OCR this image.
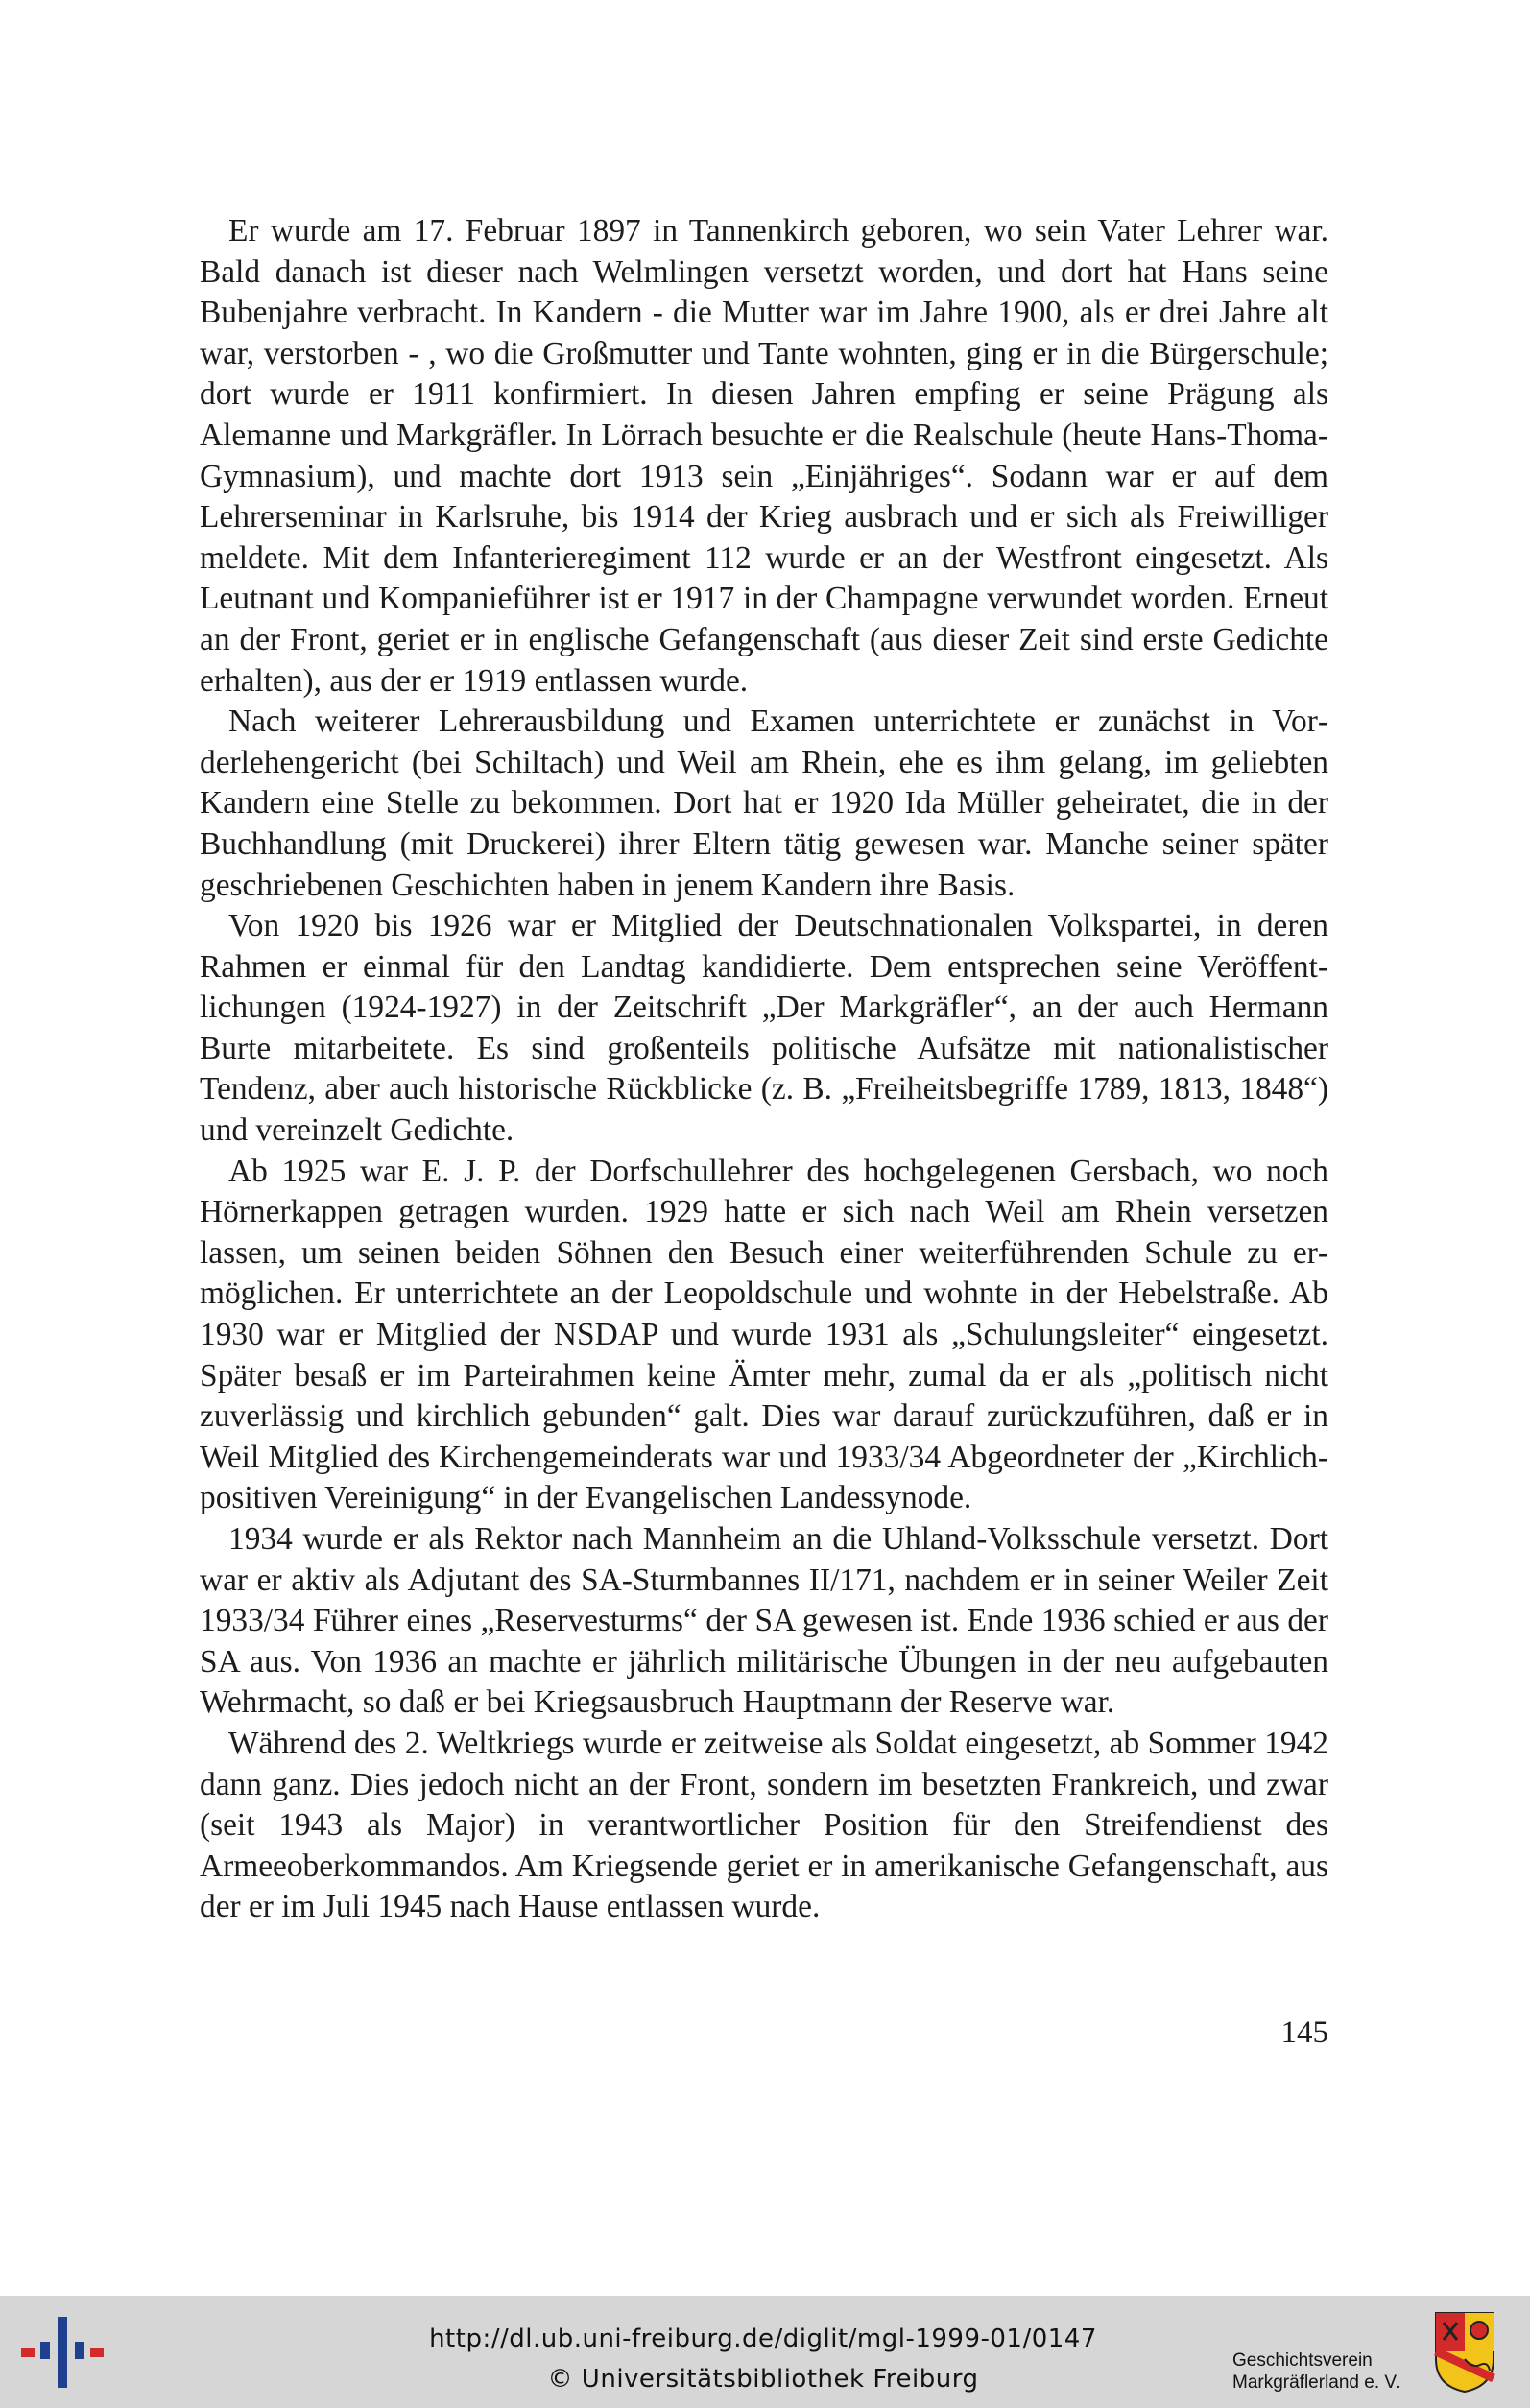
Er wurde am 17. Februar 1897 in Tannenkirch geboren, wo sein Vater Lehrer war. Bald danach ist dieser nach Welmlingen versetzt worden, und dort hat Hans seine Bubenjahre verbracht. In Kandern - die Mutter war im Jahre 1900, als er drei Jahre alt war, verstorben - , wo die Großmutter und Tante wohnten, ging er in die Bürgerschule; dort wurde er 1911 konfirmiert. In diesen Jahren empfing er seine Prägung als Alemanne und Markgräfler. In Lörrach besuchte er die Realschule (heute Hans-Thoma-Gymnasium), und machte dort 1913 sein „Einjähriges“. Sodann war er auf dem Lehrerseminar in Karlsruhe, bis 1914 der Krieg ausbrach und er sich als Freiwilliger meldete. Mit dem Infanterieregiment 112 wurde er an der Westfront eingesetzt. Als Leutnant und Kompanieführer ist er 1917 in der Champagne verwundet worden. Erneut an der Front, geriet er in englische Gefangenschaft (aus dieser Zeit sind erste Gedichte erhalten), aus der er 1919 entlassen wurde.

Nach weiterer Lehrerausbildung und Examen unterrichtete er zunächst in Vorderlehengericht (bei Schiltach) und Weil am Rhein, ehe es ihm gelang, im geliebten Kandern eine Stelle zu bekommen. Dort hat er 1920 Ida Müller geheiratet, die in der Buchhandlung (mit Druckerei) ihrer Eltern tätig gewesen war. Manche seiner später geschriebenen Geschichten haben in jenem Kandern ihre Basis.

Von 1920 bis 1926 war er Mitglied der Deutschnationalen Volkspartei, in deren Rahmen er einmal für den Landtag kandidierte. Dem entsprechen seine Veröffentlichungen (1924-1927) in der Zeitschrift „Der Markgräfler“, an der auch Hermann Burte mitarbeitete. Es sind großenteils politische Aufsätze mit nationalistischer Tendenz, aber auch historische Rückblicke (z. B. „Freiheitsbegriffe 1789, 1813, 1848“) und vereinzelt Gedichte.

Ab 1925 war E. J. P. der Dorfschullehrer des hochgelegenen Gersbach, wo noch Hörnerkappen getragen wurden. 1929 hatte er sich nach Weil am Rhein versetzen lassen, um seinen beiden Söhnen den Besuch einer weiterführenden Schule zu ermöglichen. Er unterrichtete an der Leopoldschule und wohnte in der Hebelstraße. Ab 1930 war er Mitglied der NSDAP und wurde 1931 als „Schulungsleiter“ eingesetzt. Später besaß er im Parteirahmen keine Ämter mehr, zumal da er als „politisch nicht zuverlässig und kirchlich gebunden“ galt. Dies war darauf zurückzuführen, daß er in Weil Mitglied des Kirchengemeinderats war und 1933/34 Abgeordneter der „Kirchlich-positiven Vereinigung“ in der Evangelischen Landessynode.

1934 wurde er als Rektor nach Mannheim an die Uhland-Volksschule versetzt. Dort war er aktiv als Adjutant des SA-Sturmbannes II/171, nachdem er in seiner Weiler Zeit 1933/34 Führer eines „Reservesturms“ der SA gewesen ist. Ende 1936 schied er aus der SA aus. Von 1936 an machte er jährlich militärische Übungen in der neu aufgebauten Wehrmacht, so daß er bei Kriegsausbruch Hauptmann der Reserve war.

Während des 2. Weltkriegs wurde er zeitweise als Soldat eingesetzt, ab Sommer 1942 dann ganz. Dies jedoch nicht an der Front, sondern im besetzten Frankreich, und zwar (seit 1943 als Major) in verantwortlicher Position für den Streifendienst des Armeeoberkommandos. Am Kriegsende geriet er in amerikanische Gefangenschaft, aus der er im Juli 1945 nach Hause entlassen wurde.

145
http://dl.ub.uni-freiburg.de/diglit/mgl-1999-01/0147
© Universitätsbibliothek Freiburg
Geschichtsverein
Markgräflerland e. V.
